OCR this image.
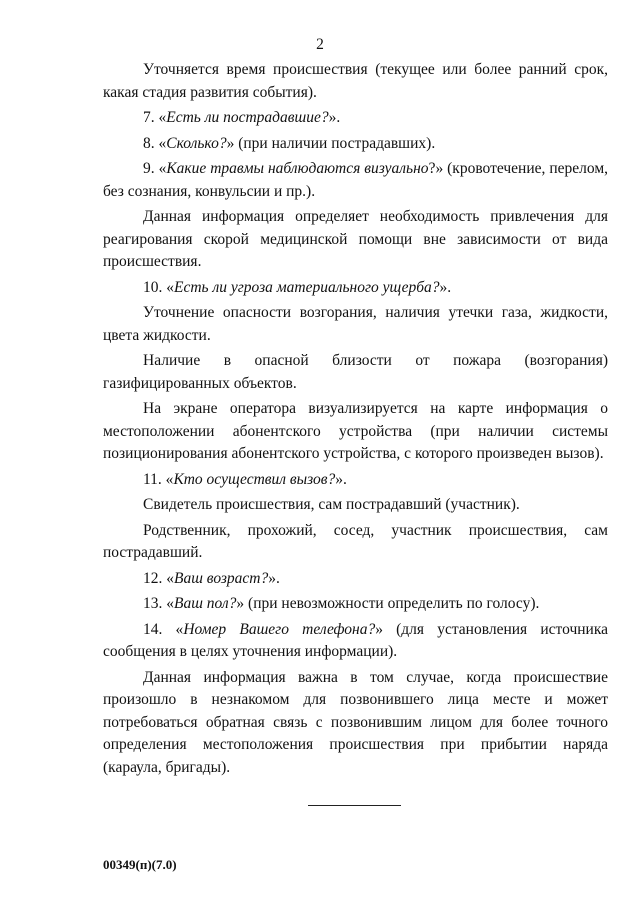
2

Уточняется время происшествия (текущее или более ранний срок, какая стадия развития события).

7. «Есть ли пострадавшие?».

8. «Сколько?» (при наличии пострадавших).

9. «Какие травмы наблюдаются визуально?» (кровотечение, перелом, без сознания, конвульсии и пр.).

Данная информация определяет необходимость привлечения для реагирования скорой медицинской помощи вне зависимости от вида происшествия.

10. «Есть ли угроза материального ущерба?».

Уточнение опасности возгорания, наличия утечки газа, жидкости, цвета жидкости.

Наличие в опасной близости от пожара (возгорания) газифицированных объектов.

На экране оператора визуализируется на карте информация о местоположении абонентского устройства (при наличии системы позиционирования абонентского устройства, с которого произведен вызов).

11. «Кто осуществил вызов?».

Свидетель происшествия, сам пострадавший (участник).

Родственник, прохожий, сосед, участник происшествия, сам пострадавший.

12. «Ваш возраст?».

13. «Ваш пол?» (при невозможности определить по голосу).

14. «Номер Вашего телефона?» (для установления источника сообщения в целях уточнения информации).

Данная информация важна в том случае, когда происшествие произошло в незнакомом для позвонившего лица месте и может потребоваться обратная связь с позвонившим лицом для более точного определения местоположения происшествия при прибытии наряда (караула, бригады).

00349(п)(7.0)
